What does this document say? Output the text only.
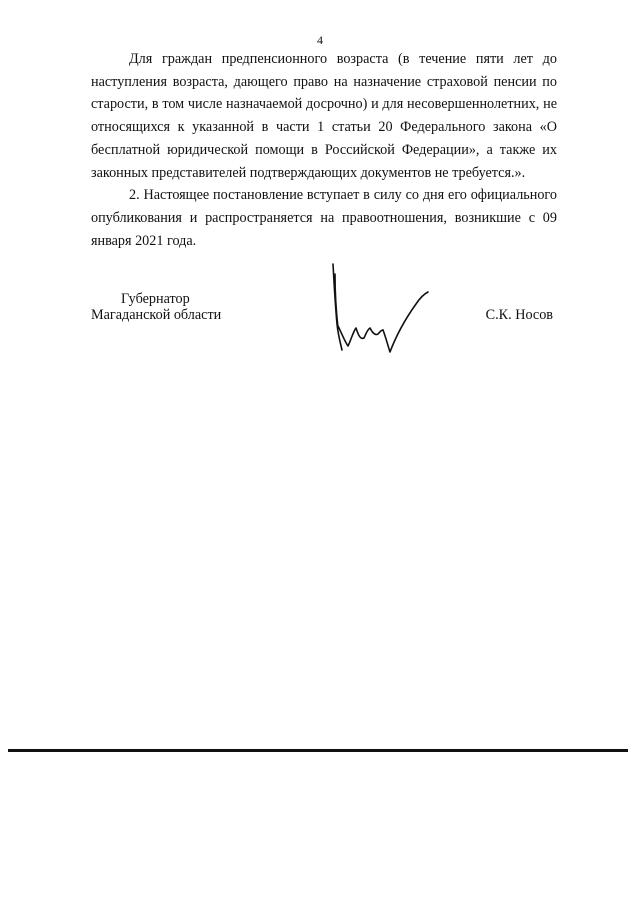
4

Для граждан предпенсионного возраста (в течение пяти лет до наступления возраста, дающего право на назначение страховой пенсии по старости, в том числе назначаемой досрочно) и для несовершеннолетних, не относящихся к указанной в части 1 статьи 20 Федерального закона «О бесплатной юридической помощи в Российской Федерации», а также их законных представителей подтверждающих документов не требуется.».

2. Настоящее постановление вступает в силу со дня его официального опубликования и распространяется на правоотношения, возникшие с 09 января 2021 года.

Губернатор
Магаданской области	С.К. Носов
